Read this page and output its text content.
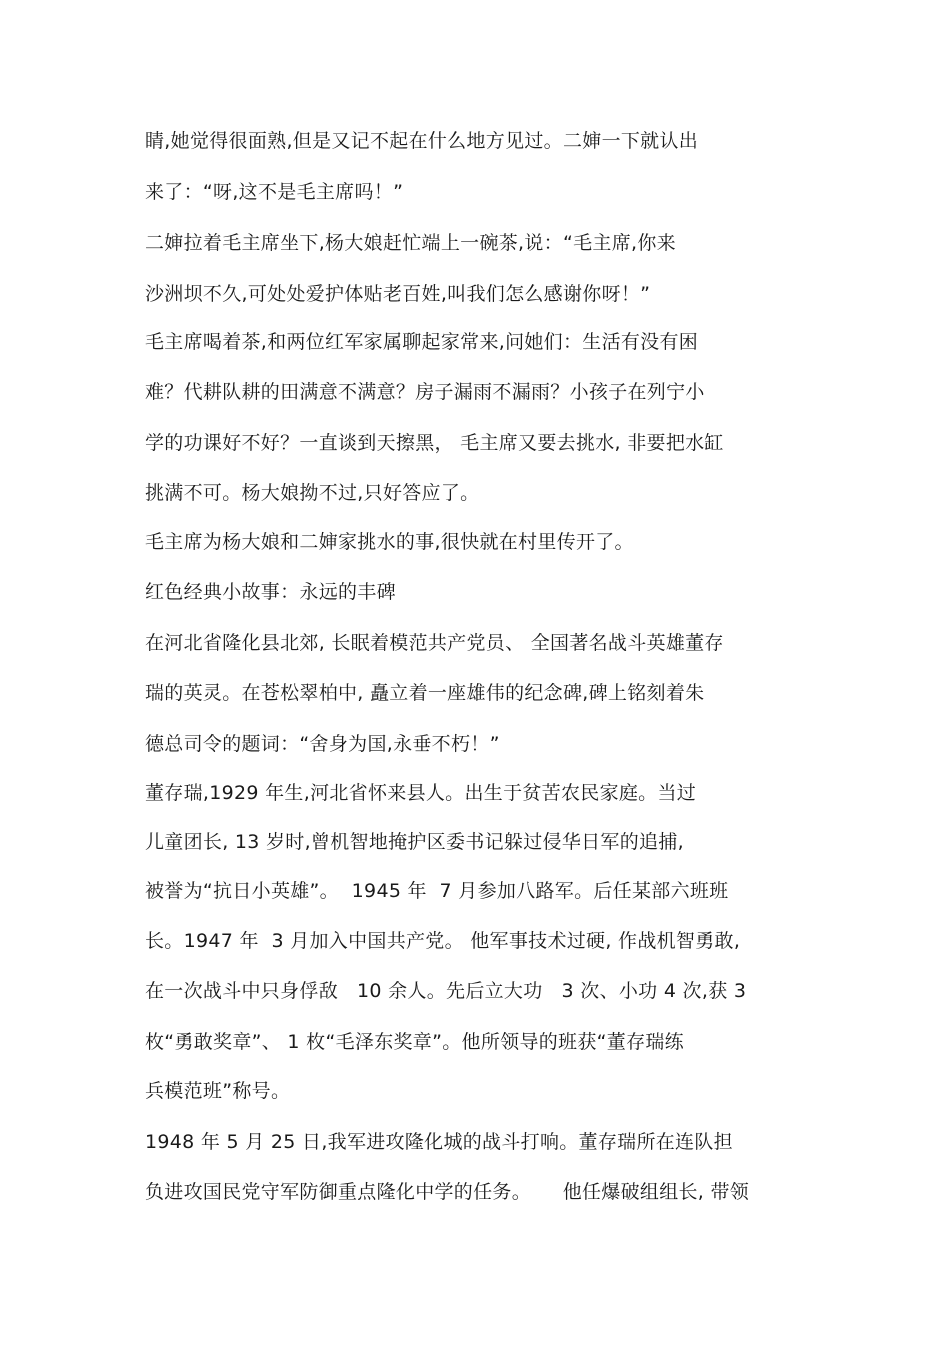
睛,她觉得很面熟,但是又记不起在什么地方见过。二婶一下就认出
来了：“呀,这不是毛主席吗！”
二婶拉着毛主席坐下,杨大娘赶忙端上一碗茶,说：“毛主席,你来
沙洲坝不久,可处处爱护体贴老百姓,叫我们怎么感谢你呀！”
毛主席喝着茶,和两位红军家属聊起家常来,问她们：生活有没有困
难？代耕队耕的田满意不满意？房子漏雨不漏雨？小孩子在列宁小
学的功课好不好？一直谈到天擦黑， 毛主席又要去挑水, 非要把水缸
挑满不可。杨大娘拗不过,只好答应了。
毛主席为杨大娘和二婶家挑水的事,很快就在村里传开了。
红色经典小故事：永远的丰碑
在河北省隆化县北郊, 长眠着模范共产党员、 全国著名战斗英雄董存
瑞的英灵。在苍松翠柏中, 矗立着一座雄伟的纪念碑,碑上铭刻着朱
德总司令的题词：“舍身为国,永垂不朽！”
董存瑞,1929 年生,河北省怀来县人。出生于贫苦农民家庭。当过
儿童团长, 13 岁时,曾机智地掩护区委书记躲过侵华日军的追捕,
被誉为“抗日小英雄”。  1945 年  7 月参加八路军。后任某部六班班
长。1947 年  3 月加入中国共产党。 他军事技术过硬, 作战机智勇敢,
在一次战斗中只身俘敌   10 余人。先后立大功   3 次、小功 4 次,获 3
枚“勇敢奖章”、 1 枚“毛泽东奖章”。他所领导的班获“董存瑞练
兵模范班”称号。
1948 年 5 月 25 日,我军进攻隆化城的战斗打响。董存瑞所在连队担
负进攻国民党守军防御重点隆化中学的任务。     他任爆破组组长, 带领
